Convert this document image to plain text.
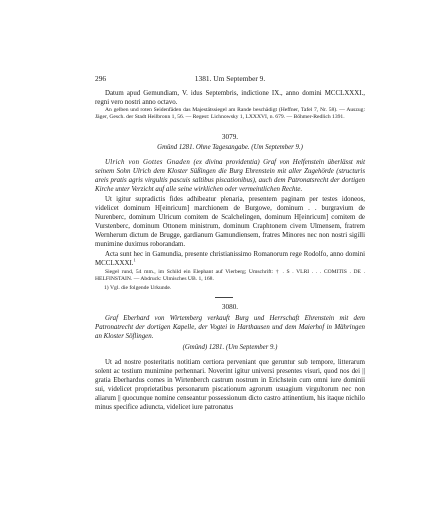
296	1381. Um September 9.

Datum apud Gemundiam, V. idus Septembris, indictione IX., anno domini MCCLXXXI., regni vero nostri anno octavo.

An gelben und roten Seidenfäden das Majestätssiegel am Rande beschädigt (Heffner, Tafel 7, Nr. 58). — Auszug: Jäger, Gesch. der Stadt Heilbronn 1, 56. — Regest: Lichnowsky 1, LXXXVI, n. 679. — Böhmer-Redlich 1391.

3079.
Gmünd 1281. Ohne Tagesangabe. (Um September 9.)

Ulrich von Gottes Gnaden (ex divina providentia) Graf von Helfenstein überlässt mit seinem Sohn Ulrich dem Kloster Süßingen die Burg Ehrenstein mit aller Zugehörde (structuris areis pratis agris virgultis pascuis saltibus piscationibus), auch dem Patronatsrecht der dortigen Kirche unter Verzicht auf alle seine wirklichen oder vermeintlichen Rechte.

Ut igitur supradictis fides adhibeatur plenaria, presentem paginam per testes idoneos, videlicet dominum H[einricum] marchionem de Burgowe, dominum . . burgravium de Nurenberc, dominum Ulricum comitem de Scalchelingen, dominum H[einricum] comitem de Vurstenberc, dominum Ottonem ministrum, dominum Craphtonem civem Ulmensem, fratrem Wernherum dictum de Brugge, gardianum Gamundiensem, fratres Minores nec non nostri sigilli munimine duximus roborandam.

Acta sunt hec in Gamundia, presente christianissimo Romanorum rege Rodolfo, anno domini MCCLXXXI.$^1$

Siegel rund, 54 mm., im Schild ein Elephant auf Vierberg; Umschrift: † . S . VLRI . . . COMITIS . DE . HELFINSTAIN. — Abdruck: Ulmisches UB. 1, 168.

1) Vgl. die folgende Urkunde.

3080.

Graf Eberhard von Wirtemberg verkauft Burg und Herrschaft Ehrenstein mit dem Patronatrecht der dortigen Kapelle, der Vogtei in Harthausen und dem Maierhof in Mähringen an Kloster Söflingen.

(Gmünd) 1281. (Um September 9.)

Ut ad nostre posteritatis notitiam certiora perveniant que geruntur sub tempore, litterarum solent ac testium munimine perhennari. Noverint igitur universi presentes visuri, quod nos dei || gratia Eberhardus comes in Wirtenberch castrum nostrum in Erichstein cum omni iure dominii sui, videlicet proprietatibus personarum piscationum agrorum usuagium virgultorum nec non aliarum || quocunque nomine censeantur possessionum dicto castro attinentium, his itaque nichilo minus specifice adiuncta, videlicet iure patronatus
